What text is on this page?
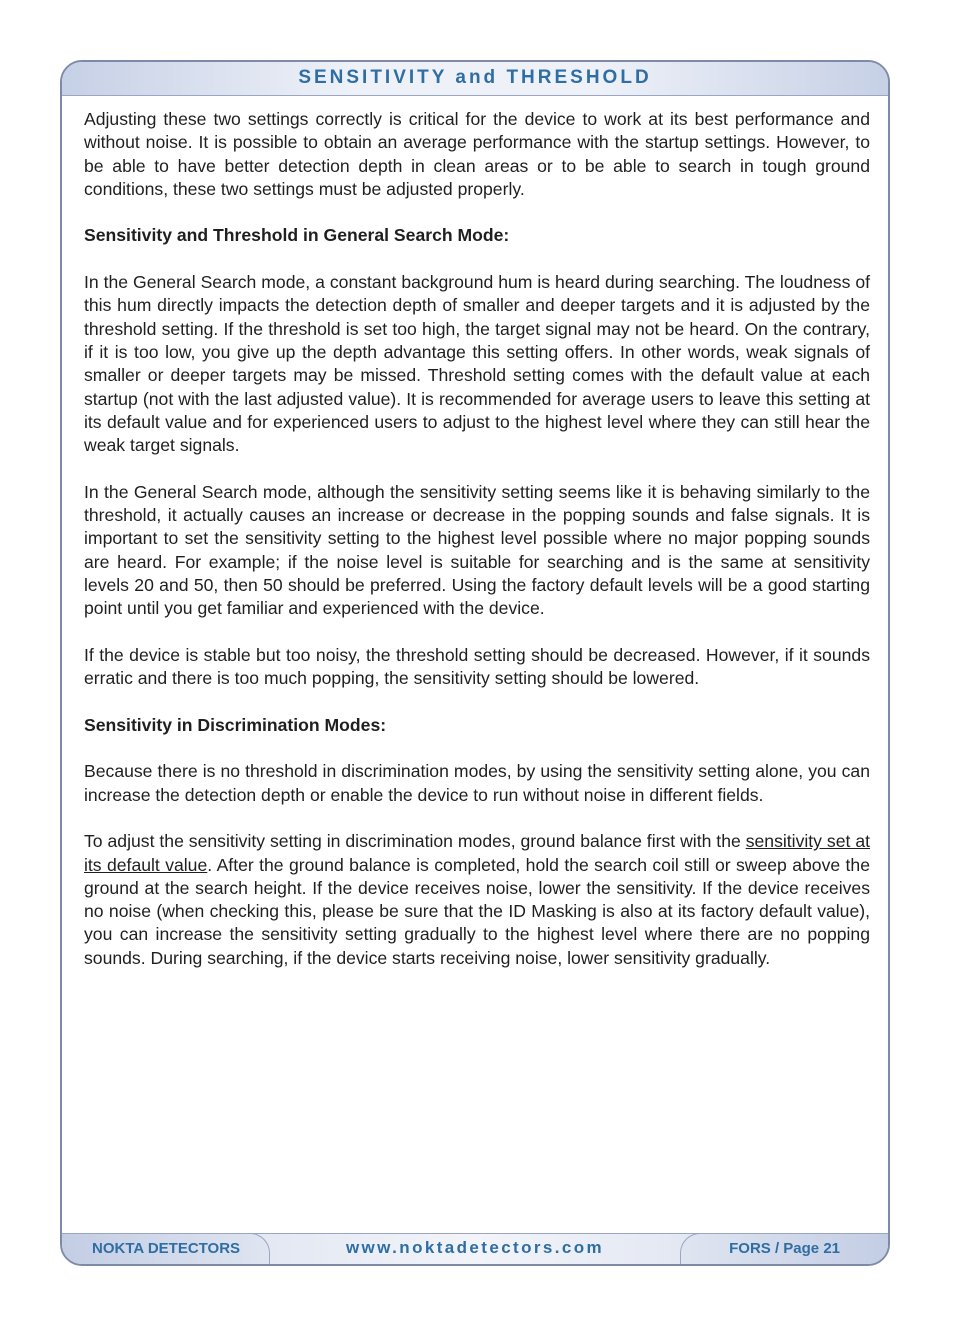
SENSITIVITY and THRESHOLD

Adjusting these two settings correctly is critical for the device to work at its best performance and without noise. It is possible to obtain an average performance with the startup settings. However, to be able to have better detection depth in clean areas or to be able to search in tough ground conditions, these two settings must be adjusted properly.

Sensitivity and Threshold in General Search Mode:

In the General Search mode, a constant background hum is heard during searching. The loudness of this hum directly impacts the detection depth of smaller and deeper targets and it is adjusted by the threshold setting. If the threshold is set too high, the target signal may not be heard. On the contrary, if it is too low, you give up the depth advantage this setting offers. In other words, weak signals of smaller or deeper targets may be missed. Threshold setting comes with the default value at each startup (not with the last adjusted value). It is recommended for average users to leave this setting at its default value and for experienced users to adjust to the highest level where they can still hear the weak target signals.

In the General Search mode, although the sensitivity setting seems like it is behaving similarly to the threshold, it actually causes an increase or decrease in the popping sounds and false signals. It is important to set the sensitivity setting to the highest level possible where no major popping sounds are heard. For example; if the noise level is suitable for searching and is the same at sensitivity levels 20 and 50, then 50 should be preferred. Using the factory default levels will be a good starting point until you get familiar and experienced with the device.

If the device is stable but too noisy, the threshold setting should be decreased. However, if it sounds erratic and there is too much popping, the sensitivity setting should be lowered.

Sensitivity in Discrimination Modes:

Because there is no threshold in discrimination modes, by using the sensitivity setting alone, you can increase the detection depth or enable the device to run without noise in different fields.

To adjust the sensitivity setting in discrimination modes, ground balance first with the sensitivity set at its default value. After the ground balance is completed, hold the search coil still or sweep above the ground at the search height. If the device receives noise, lower the sensitivity. If the device receives no noise (when checking this, please be sure that the ID Masking is also at its factory default value), you can increase the sensitivity setting gradually to the highest level where there are no popping sounds. During searching, if the device starts receiving noise, lower sensitivity gradually.

NOKTA DETECTORS	www.noktadetectors.com	FORS / Page 21
